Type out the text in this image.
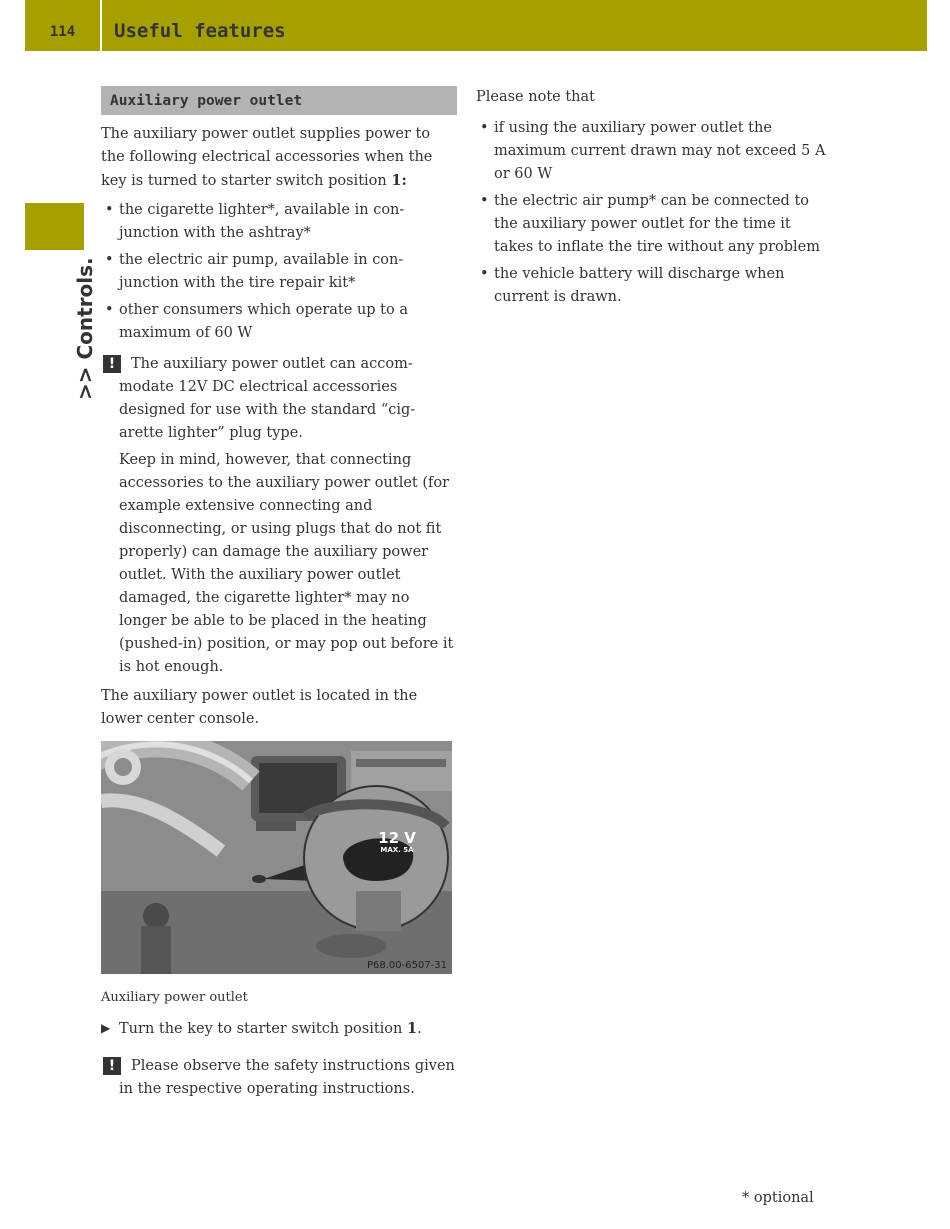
114	Useful features
>> Controls.
Auxiliary power outlet

The auxiliary power outlet supplies power to the following electrical accessories when the key is turned to starter switch position 1:

• the cigarette lighter*, available in con-junction with the ashtray*
• the electric air pump, available in con-junction with the tire repair kit*
• other consumers which operate up to a maximum of 60 W
!	The auxiliary power outlet can accom-modate 12V DC electrical accessories designed for use with the standard “cig-arette lighter” plug type.

Keep in mind, however, that connecting accessories to the auxiliary power outlet (for example extensive connecting and disconnecting, or using plugs that do not fit properly) can damage the auxiliary power outlet. With the auxiliary power outlet damaged, the cigarette lighter* may no longer be able to be placed in the heating (pushed-in) position, or may pop out before it is hot enough.

The auxiliary power outlet is located in the lower center console.

12 V
MAX. 5A
P68.00-6507-31

Auxiliary power outlet

▶ Turn the key to starter switch position 1.

!	Please observe the safety instructions given in the respective operating instructions.

Please note that

• if using the auxiliary power outlet the maximum current drawn may not exceed 5 A or 60 W
• the electric air pump* can be connected to the auxiliary power outlet for the time it takes to inflate the tire without any problem
• the vehicle battery will discharge when current is drawn.
* optional
